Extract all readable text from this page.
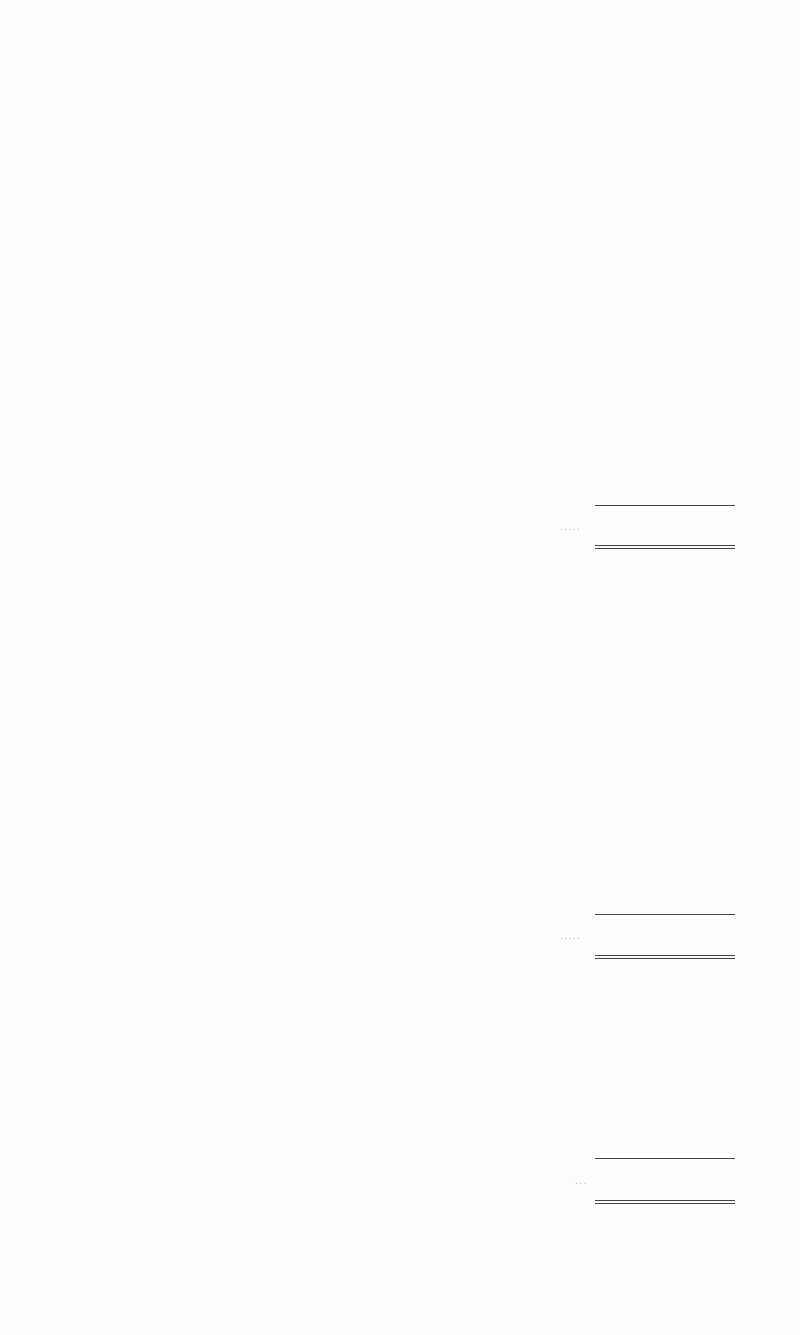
.....
.....
...
